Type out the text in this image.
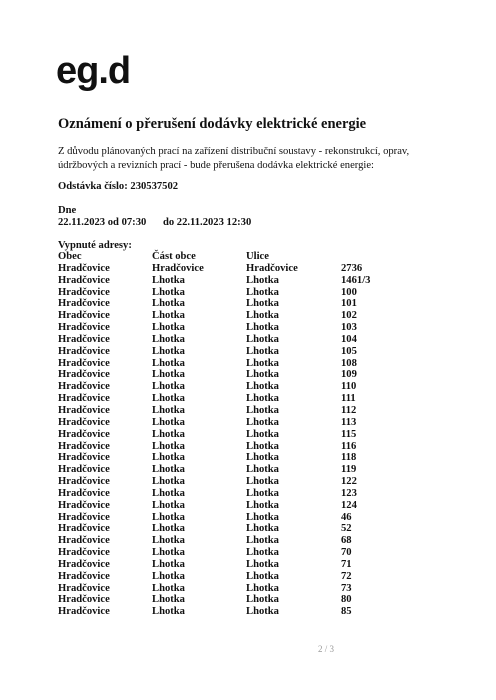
eg.d
Oznámení o přerušení dodávky elektrické energie
Z důvodu plánovaných prací na zařízení distribuční soustavy - rekonstrukcí, oprav, údržbových a revizních prací - bude přerušena dodávka elektrické energie:
Odstávka číslo: 230537502
Dne
22.11.2023 od 07:30 do 22.11.2023 12:30
Vypnuté adresy:
Obec	Část obce	Ulice
Hradčovice	Hradčovice	Hradčovice	2736
Hradčovice	Lhotka	Lhotka	1461/3
Hradčovice	Lhotka	Lhotka	100
Hradčovice	Lhotka	Lhotka	101
Hradčovice	Lhotka	Lhotka	102
Hradčovice	Lhotka	Lhotka	103
Hradčovice	Lhotka	Lhotka	104
Hradčovice	Lhotka	Lhotka	105
Hradčovice	Lhotka	Lhotka	108
Hradčovice	Lhotka	Lhotka	109
Hradčovice	Lhotka	Lhotka	110
Hradčovice	Lhotka	Lhotka	111
Hradčovice	Lhotka	Lhotka	112
Hradčovice	Lhotka	Lhotka	113
Hradčovice	Lhotka	Lhotka	115
Hradčovice	Lhotka	Lhotka	116
Hradčovice	Lhotka	Lhotka	118
Hradčovice	Lhotka	Lhotka	119
Hradčovice	Lhotka	Lhotka	122
Hradčovice	Lhotka	Lhotka	123
Hradčovice	Lhotka	Lhotka	124
Hradčovice	Lhotka	Lhotka	46
Hradčovice	Lhotka	Lhotka	52
Hradčovice	Lhotka	Lhotka	68
Hradčovice	Lhotka	Lhotka	70
Hradčovice	Lhotka	Lhotka	71
Hradčovice	Lhotka	Lhotka	72
Hradčovice	Lhotka	Lhotka	73
Hradčovice	Lhotka	Lhotka	80
Hradčovice	Lhotka	Lhotka	85
2 / 3
